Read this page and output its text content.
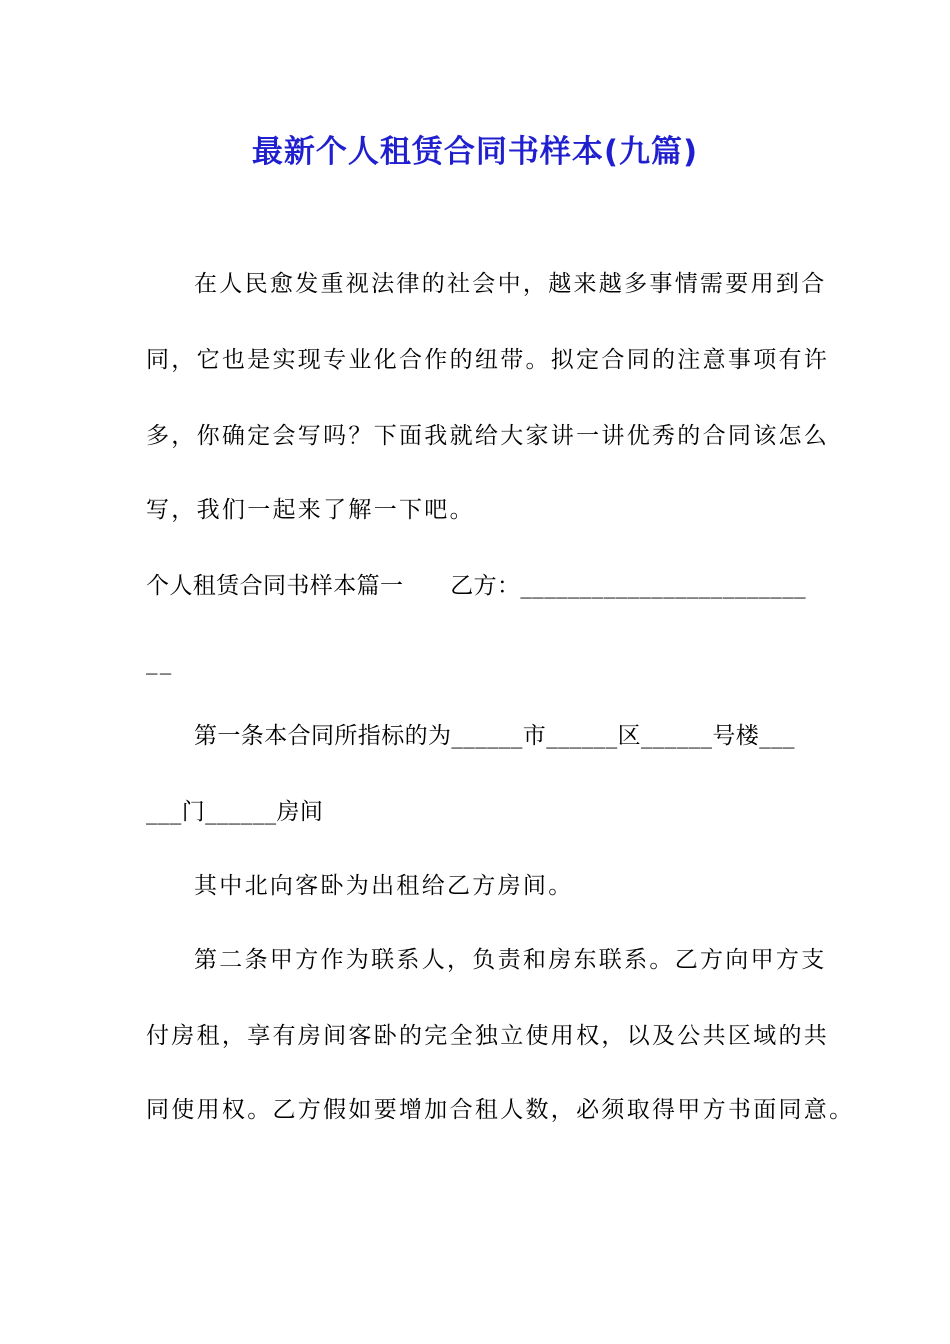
最新个人租赁合同书样本(九篇)
在人民愈发重视法律的社会中，越来越多事情需要用到合
同，它也是实现专业化合作的纽带。拟定合同的注意事项有许
多，你确定会写吗？下面我就给大家讲一讲优秀的合同该怎么
写，我们一起来了解一下吧。
个人租赁合同书样本篇一　　乙方：________________________
__
第一条本合同所指标的为______市______区______号楼___
___门______房间
其中北向客卧为出租给乙方房间。
第二条甲方作为联系人，负责和房东联系。乙方向甲方支
付房租，享有房间客卧的完全独立使用权，以及公共区域的共
同使用权。乙方假如要增加合租人数，必须取得甲方书面同意。
